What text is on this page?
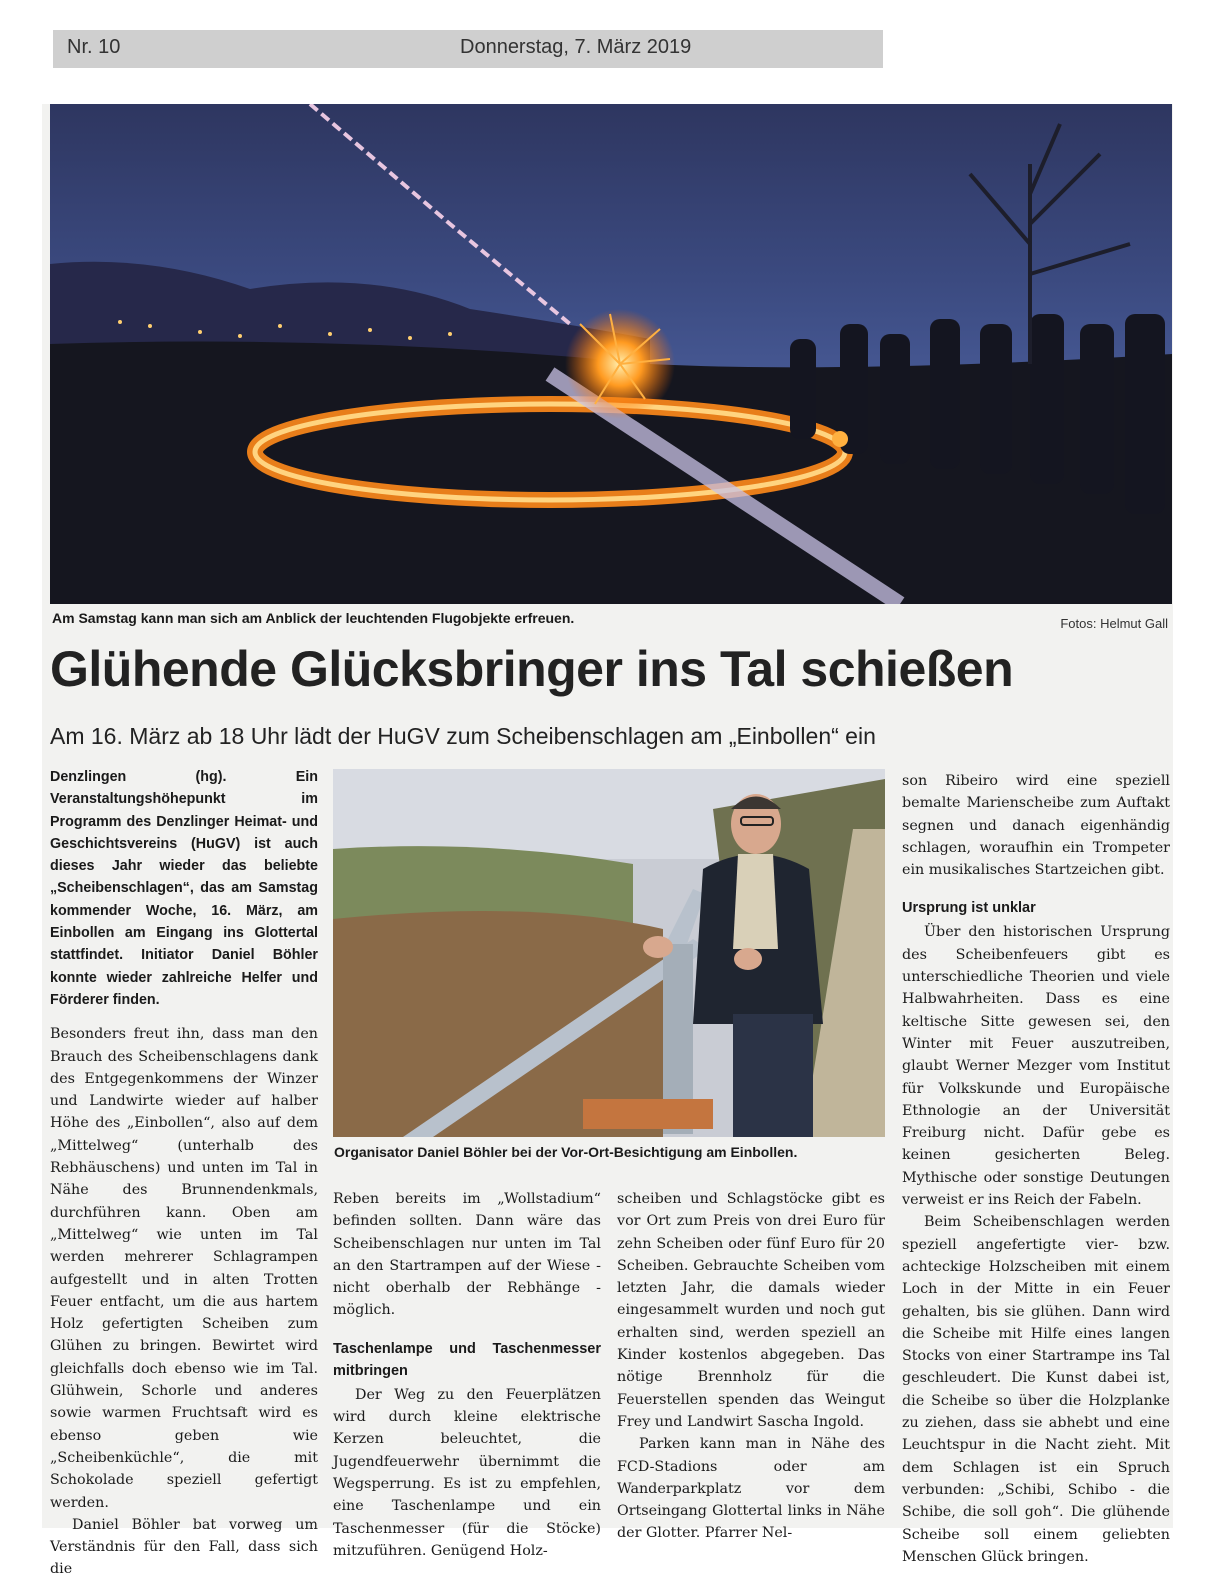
Nr. 10	Donnerstag, 7. März 2019
Am Samstag kann man sich am Anblick der leuchtenden Flugobjekte erfreuen.	Fotos: Helmut Gall
Glühende Glücksbringer ins Tal schießen
Am 16. März ab 18 Uhr lädt der HuGV zum Scheibenschlagen am „Einbollen“ ein

Denzlingen (hg). Ein Veranstaltungshöhepunkt im Programm des Denzlinger Heimat- und Geschichtsvereins (HuGV) ist auch dieses Jahr wieder das beliebte „Scheibenschlagen“, das am Samstag kommender Woche, 16. März, am Einbollen am Eingang ins Glottertal stattfindet. Initiator Daniel Böhler konnte wieder zahlreiche Helfer und Förderer finden.

Besonders freut ihn, dass man den Brauch des Scheibenschlagens dank des Entgegenkommens der Winzer und Landwirte wieder auf halber Höhe des „Einbollen“, also auf dem „Mittelweg“ (unterhalb des Rebhäuschens) und unten im Tal in Nähe des Brunnendenkmals, durchführen kann. Oben am „Mittelweg“ wie unten im Tal werden mehrerer Schlagrampen aufgestellt und in alten Trotten Feuer entfacht, um die aus hartem Holz gefertigten Scheiben zum Glühen zu bringen. Bewirtet wird gleichfalls doch ebenso wie im Tal. Glühwein, Schorle und anderes sowie warmen Fruchtsaft wird es ebenso geben wie „Scheibenküchle“, die mit Schokolade speziell gefertigt werden.

Daniel Böhler bat vorweg um Verständnis für den Fall, dass sich die

Organisator Daniel Böhler bei der Vor-Ort-Besichtigung am Einbollen.

Reben bereits im „Wollstadium“ befinden sollten. Dann wäre das Scheibenschlagen nur unten im Tal an den Startrampen auf der Wiese - nicht oberhalb der Rebhänge - möglich.

Taschenlampe und Taschenmesser mitbringen

Der Weg zu den Feuerplätzen wird durch kleine elektrische Kerzen beleuchtet, die Jugendfeuerwehr übernimmt die Wegsperrung. Es ist zu empfehlen, eine Taschenlampe und ein Taschenmesser (für die Stöcke) mitzuführen. Genügend Holz-

scheiben und Schlagstöcke gibt es vor Ort zum Preis von drei Euro für zehn Scheiben oder fünf Euro für 20 Scheiben. Gebrauchte Scheiben vom letzten Jahr, die damals wieder eingesammelt wurden und noch gut erhalten sind, werden speziell an Kinder kostenlos abgegeben. Das nötige Brennholz für die Feuerstellen spenden das Weingut Frey und Landwirt Sascha Ingold.

Parken kann man in Nähe des FCD-Stadions oder am Wanderparkplatz vor dem Ortseingang Glottertal links in Nähe der Glotter. Pfarrer Nel-

son Ribeiro wird eine speziell bemalte Marienscheibe zum Auftakt segnen und danach eigenhändig schlagen, woraufhin ein Trompeter ein musikalisches Startzeichen gibt.

Ursprung ist unklar

Über den historischen Ursprung des Scheibenfeuers gibt es unterschiedliche Theorien und viele Halbwahrheiten. Dass es eine keltische Sitte gewesen sei, den Winter mit Feuer auszutreiben, glaubt Werner Mezger vom Institut für Volkskunde und Europäische Ethnologie an der Universität Freiburg nicht. Dafür gebe es keinen gesicherten Beleg. Mythische oder sonstige Deutungen verweist er ins Reich der Fabeln.

Beim Scheibenschlagen werden speziell angefertigte vier- bzw. achteckige Holzscheiben mit einem Loch in der Mitte in ein Feuer gehalten, bis sie glühen. Dann wird die Scheibe mit Hilfe eines langen Stocks von einer Startrampe ins Tal geschleudert. Die Kunst dabei ist, die Scheibe so über die Holzplanke zu ziehen, dass sie abhebt und eine Leuchtspur in die Nacht zieht. Mit dem Schlagen ist ein Spruch verbunden: „Schibi, Schibo - die Schibe, die soll goh“. Die glühende Scheibe soll einem geliebten Menschen Glück bringen.
